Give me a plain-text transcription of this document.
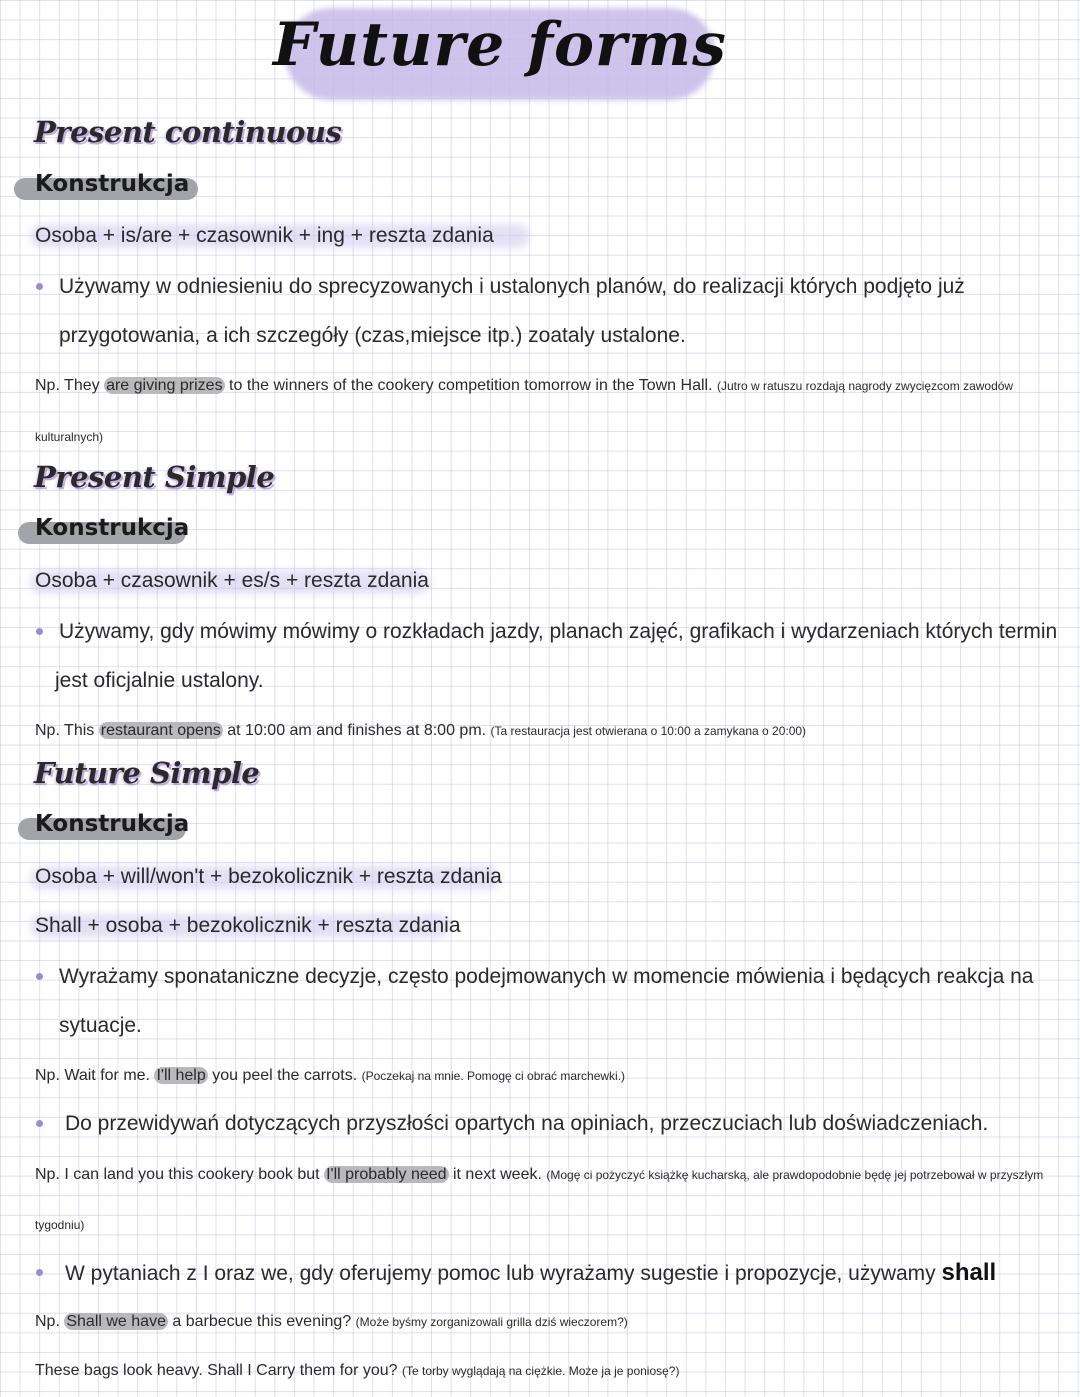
Future forms
Present continuous
Konstrukcja
Osoba + is/are + czasownik + ing + reszta zdania
Używamy w odniesieniu do sprecyzowanych i ustalonych planów, do realizacji których podjęto już
przygotowania, a ich szczegóły (czas,miejsce itp.) zoataly ustalone.
Np. They are giving prizes to the winners of the cookery competition tomorrow in the Town Hall. (Jutro w ratuszu rozdają nagrody zwycięzcom zawodów
kulturalnych)
Present Simple
Konstrukcja
Osoba + czasownik + es/s + reszta zdania
Używamy, gdy mówimy mówimy o rozkładach jazdy, planach zajęć, grafikach i wydarzeniach których termin
jest oficjalnie ustalony.
Np. This restaurant opens at 10:00 am and finishes at 8:00 pm. (Ta restauracja jest otwierana o 10:00 a zamykana o 20:00)
Future Simple
Konstrukcja
Osoba + will/won't + bezokolicznik + reszta zdania
Shall + osoba + bezokolicznik + reszta zdania
Wyrażamy sponataniczne decyzje, często podejmowanych w momencie mówienia i będących reakcja na
sytuacje.
Np. Wait for me. I'll help you peel the carrots. (Poczekaj na mnie. Pomogę ci obrać marchewki.)
Do przewidywań dotyczących przyszłości opartych na opiniach, przeczuciach lub doświadczeniach.
Np. I can land you this cookery book but I'll probably need it next week. (Mogę ci pożyczyć książkę kucharską, ale prawdopodobnie będę jej potrzebował w przyszłym
tygodniu)
W pytaniach z I oraz we, gdy oferujemy pomoc lub wyrażamy sugestie i propozycje, używamy shall
Np. Shall we have a barbecue this evening? (Może byśmy zorganizowali grilla dziś wieczorem?)
These bags look heavy. Shall I Carry them for you? (Te torby wyglądają na ciężkie. Może ja je poniosę?)
